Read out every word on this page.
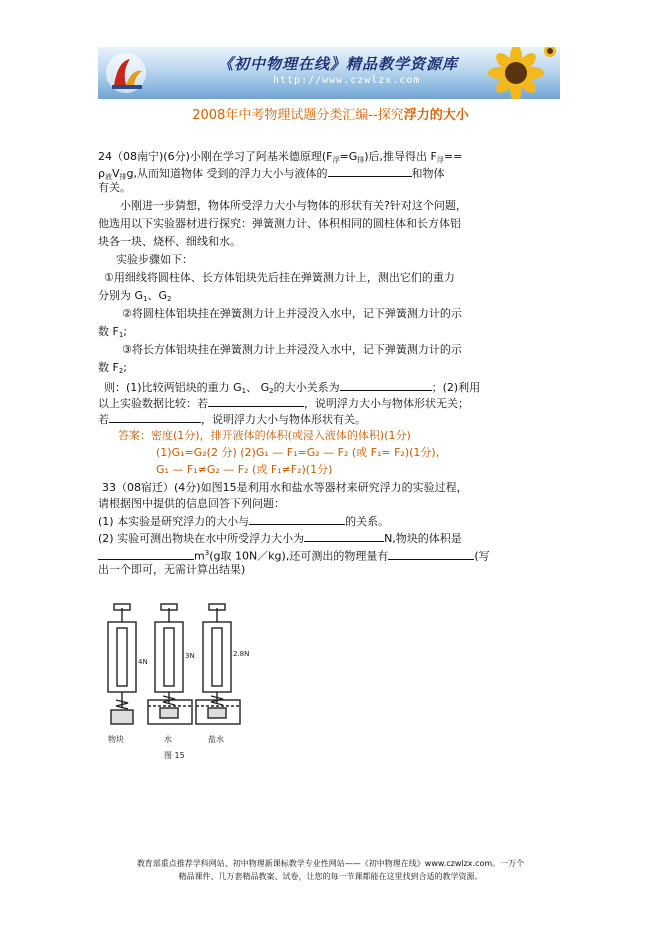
《初中物理在线》精品教学资源库
http://www.czwlzx.com
2008年中考物理试题分类汇编--探究浮力的大小
24（08南宁)(6分)小刚在学习了阿基米德原理$(F_浮=G_排)$后,推导得出 $F_浮==$
$\rho_液V_排g$,从而知道物体 受到的浮力大小与液体的	和物体
有关。
小刚进一步猜想，物体所受浮力大小与物体的形状有关?针对这个问题，
他选用以下实验器材进行探究：弹簧测力计、体积相同的圆柱体和长方体铝
块各一块、烧杯、细线和水。
实验步骤如下：
①用细线将圆柱体、长方体铝块先后挂在弹簧测力计上，测出它们的重力
分别为 $G_1$、$G_2$
②将圆柱体铝块挂在弹簧测力计上并浸没入水中，记下弹簧测力计的示
数 $F_1$;
③将长方体铝块挂在弹簧测力计上并浸没入水中，记下弹簧测力计的示
数 $F_2$;
则：(1)比较两铝块的重力 $G_1$、 $G_2$的大小关系为	；(2)利用
以上实验数据比较：若	，说明浮力大小与物体形状无关；
若	，说明浮力大小与物体形状有关。
答案：密度(1分)，排开液体的体积(或浸入液体的体积)(1分)
(1)G₁=G₂(2 分) (2)G₁ — F₁=G₂ — F₂ (或 F₁= F₂)(1分),
G₁ — F₁≠G₂ — F₂ (或 F₁≠F₂)(1分)
33（08宿迁）(4分)如图15是利用水和盐水等器材来研究浮力的实验过程，
请根据图中提供的信息回答下列问题：
(1) 本实验是研究浮力的大小与	的关系。
(2) 实验可测出物块在水中所受浮力大小为	N,物块的体积是
$m^3(g$取 10N／kg),还可测出的物理量有	(写
出一个即可，无需计算出结果)
4N
3N	2.8N
物块	水	盐水
图 15
教育部重点推荐学科网站、初中物理新课标教学专业性网站——《初中物理在线》www.czwlzx.com。一万个
精品课件、几万套精品教案、试卷，让您的每一节课都能在这里找到合适的教学资源。
